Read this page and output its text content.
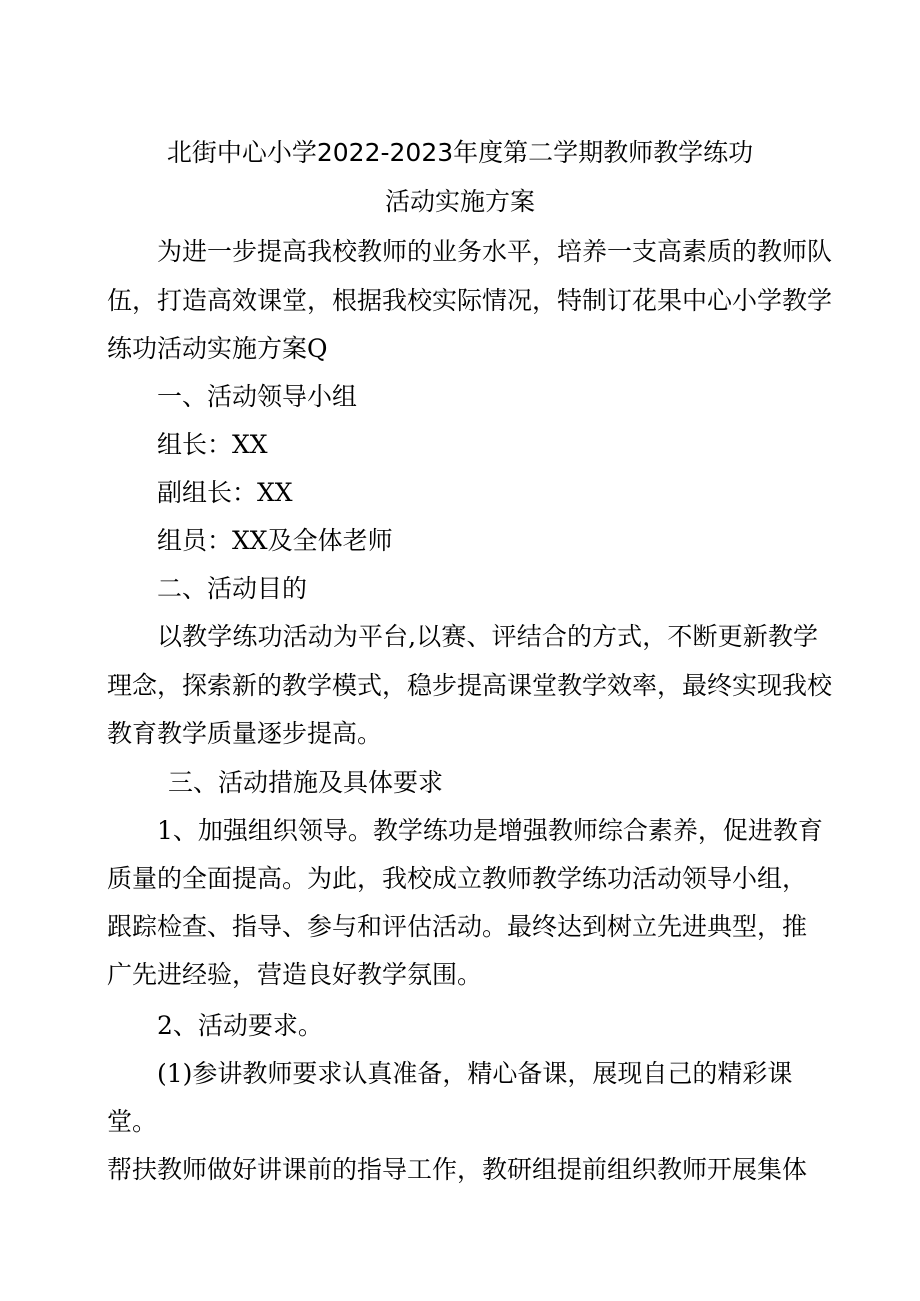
北街中心小学2022-2023年度第二学期教师教学练功
活动实施方案
为进一步提高我校教师的业务水平，培养一支高素质的教师队
伍，打造高效课堂，根据我校实际情况，特制订花果中心小学教学
练功活动实施方案Q
一、活动领导小组
组长：XX
副组长：XX
组员：XX及全体老师
二、活动目的
以教学练功活动为平台,以赛、评结合的方式，不断更新教学
理念，探索新的教学模式，稳步提高课堂教学效率，最终实现我校
教育教学质量逐步提高。
三、活动措施及具体要求
1、加强组织领导。教学练功是增强教师综合素养，促进教育
质量的全面提高。为此，我校成立教师教学练功活动领导小组，
跟踪检查、指导、参与和评估活动。最终达到树立先进典型，推
广先进经验，营造良好教学氛围。
2、活动要求。
(1)参讲教师要求认真准备，精心备课，展现自己的精彩课
堂。
帮扶教师做好讲课前的指导工作，教研组提前组织教师开展集体
